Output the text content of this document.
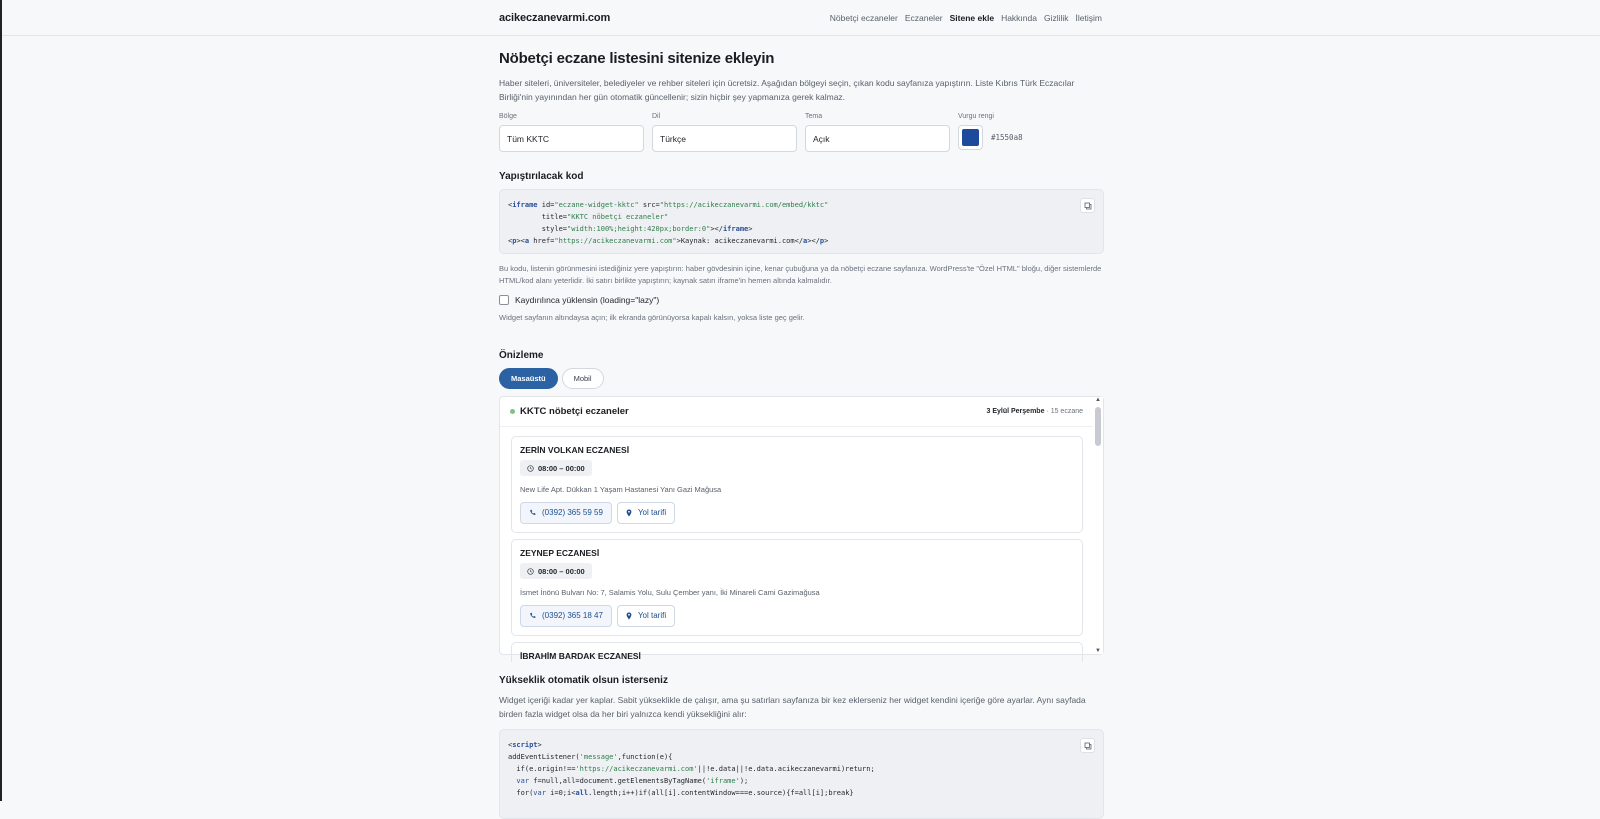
acikeczanevarmi.com	Nöbetçi eczaneler Eczaneler Sitene ekle Hakkında Gizlilik İletişim
Nöbetçi eczane listesini sitenize ekleyin

Haber siteleri, üniversiteler, belediyeler ve rehber siteleri için ücretsiz. Aşağıdan bölgeyi seçin, çıkan kodu sayfanıza yapıştırın. Liste Kıbrıs Türk Eczacılar Birliği'nin yayınından her gün otomatik güncellenir; sizin hiçbir şey yapmanıza gerek kalmaz.

Bölge
Tüm KKTC
Dil
Türkçe
Tema
Açık
Vurgu rengi
#1550a8
Yapıştırılacak kod
<iframe id="eczane-widget-kktc" src="https://acikeczanevarmi.com/embed/kktc"
title="KKTC nöbetçi eczaneler"
style="width:100%;height:420px;border:0"></iframe>
<p><a href="https://acikeczanevarmi.com">Kaynak: acikeczanevarmi.com</a></p>

Bu kodu, listenin görünmesini istediğiniz yere yapıştırın: haber gövdesinin içine, kenar çubuğuna ya da nöbetçi eczane sayfanıza. WordPress'te "Özel HTML" bloğu, diğer sistemlerde HTML/kod alanı yeterlidir. İki satırı birlikte yapıştırın; kaynak satırı iframe'in hemen altında kalmalıdır.

Kaydırılınca yüklensin (loading="lazy")

Widget sayfanın altındaysa açın; ilk ekranda görünüyorsa kapalı kalsın, yoksa liste geç gelir.

Önizleme
Masaüstü	Mobil
KKTC nöbetçi eczaneler	3 Eylül Perşembe · 15 eczane
ZERİN VOLKAN ECZANESİ
08:00 – 00:00
New Life Apt. Dükkan 1 Yaşam Hastanesi Yanı Gazi Mağusa
(0392) 365 59 59	Yol tarifi
ZEYNEP ECZANESİ
08:00 – 00:00
İsmet İnönü Bulvarı No: 7, Salamis Yolu, Sulu Çember yanı, İki Minareli Cami Gazimağusa
(0392) 365 18 47	Yol tarifi
İBRAHİM BARDAK ECZANESİ
▲
▼
Yükseklik otomatik olsun isterseniz

Widget içeriği kadar yer kaplar. Sabit yükseklikle de çalışır, ama şu satırları sayfanıza bir kez eklerseniz her widget kendini içeriğe göre ayarlar. Aynı sayfada birden fazla widget olsa da her biri yalnızca kendi yüksekliğini alır:

<script>
addEventListener('message',function(e){
if(e.origin!=='https://acikeczanevarmi.com'||!e.data||!e.data.acikeczanevarmi)return;
var f=null,all=document.getElementsByTagName('iframe');
for(var i=0;i<all.length;i++)if(all[i].contentWindow===e.source){f=all[i];break}
